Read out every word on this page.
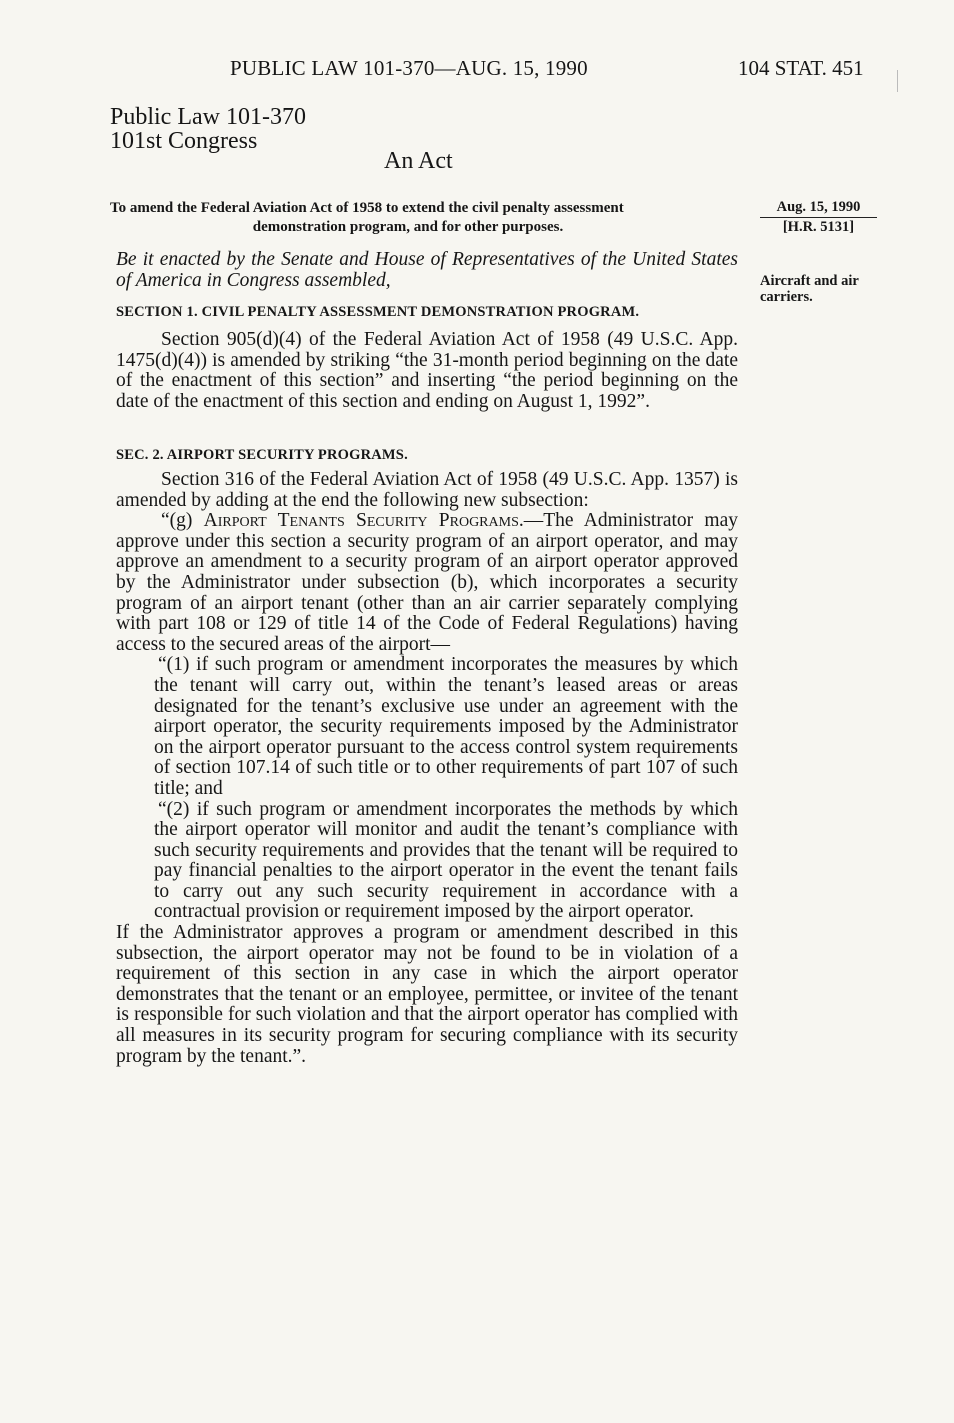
PUBLIC LAW 101-370—AUG. 15, 1990	104 STAT. 451
Public Law 101-370
101st Congress
An Act
To amend the Federal Aviation Act of 1958 to extend the civil penalty assessment
demonstration program, and for other purposes.
Aug. 15, 1990
[H.R. 5131]
Aircraft and air carriers.
Be it enacted by the Senate and House of Representatives of the United States of America in Congress assembled,
SECTION 1. CIVIL PENALTY ASSESSMENT DEMONSTRATION PROGRAM.

Section 905(d)(4) of the Federal Aviation Act of 1958 (49 U.S.C. App. 1475(d)(4)) is amended by striking “the 31-month period beginning on the date of the enactment of this section” and inserting “the period beginning on the date of the enactment of this section and ending on August 1, 1992”.

SEC. 2. AIRPORT SECURITY PROGRAMS.

Section 316 of the Federal Aviation Act of 1958 (49 U.S.C. App. 1357) is amended by adding at the end the following new subsection:

“(g) Airport Tenants Security Programs.—The Administrator may approve under this section a security program of an airport operator, and may approve an amendment to a security program of an airport operator approved by the Administrator under subsection (b), which incorporates a security program of an airport tenant (other than an air carrier separately complying with part 108 or 129 of title 14 of the Code of Federal Regulations) having access to the secured areas of the airport—

“(1) if such program or amendment incorporates the measures by which the tenant will carry out, within the tenant’s leased areas or areas designated for the tenant’s exclusive use under an agreement with the airport operator, the security requirements imposed by the Administrator on the airport operator pursuant to the access control system requirements of section 107.14 of such title or to other requirements of part 107 of such title; and

“(2) if such program or amendment incorporates the methods by which the airport operator will monitor and audit the tenant’s compliance with such security requirements and provides that the tenant will be required to pay financial penalties to the airport operator in the event the tenant fails to carry out any such security requirement in accordance with a contractual provision or requirement imposed by the airport operator.

If the Administrator approves a program or amendment described in this subsection, the airport operator may not be found to be in violation of a requirement of this section in any case in which the airport operator demonstrates that the tenant or an employee, permittee, or invitee of the tenant is responsible for such violation and that the airport operator has complied with all measures in its security program for securing compliance with its security program by the tenant.”.
